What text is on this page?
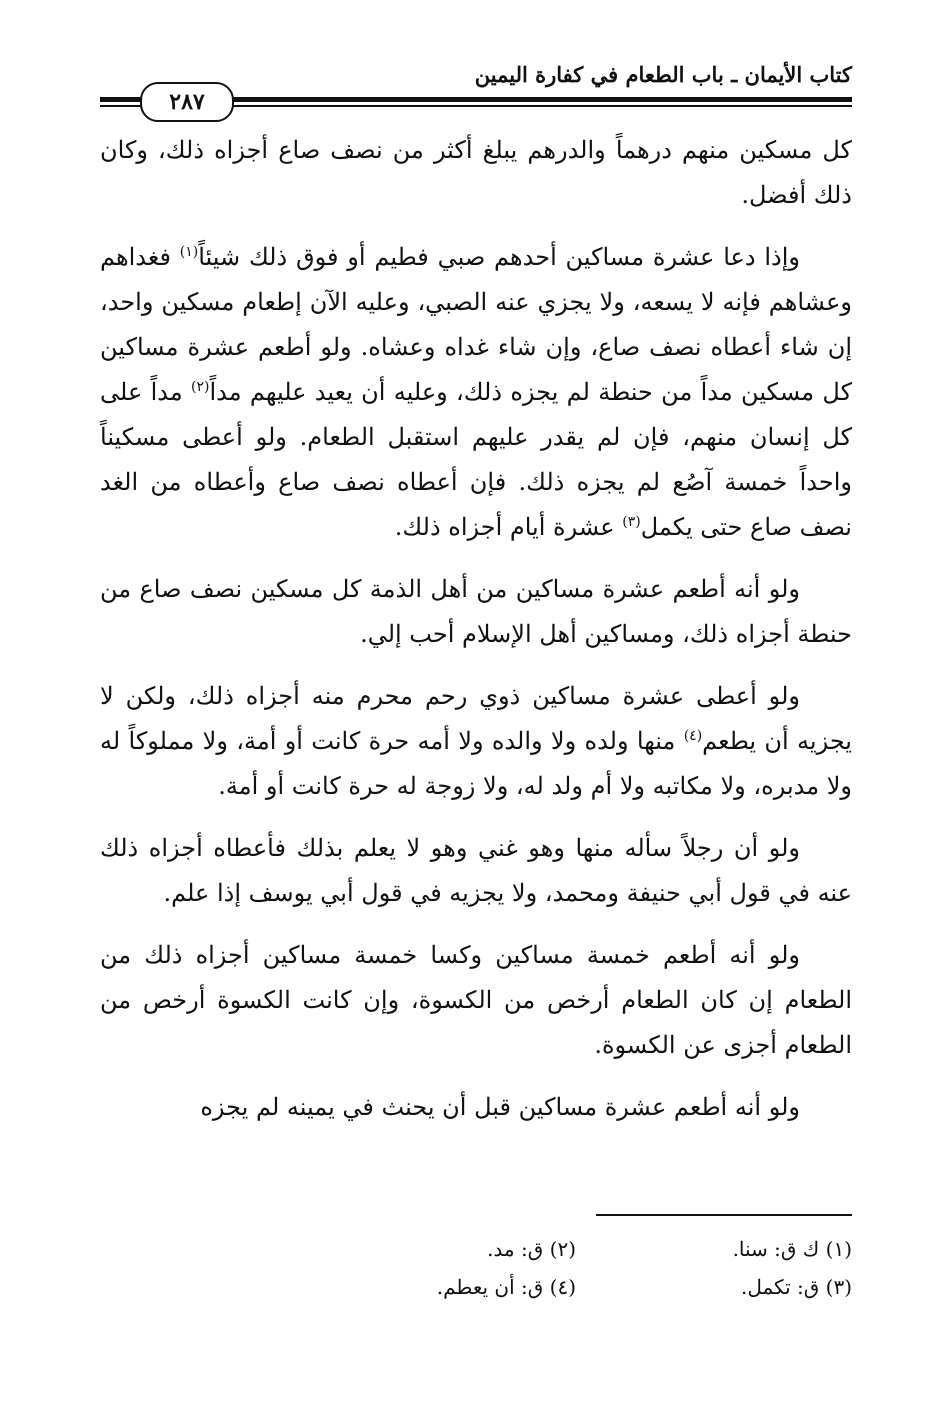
كتاب الأيمان ـ باب الطعام في كفارة اليمين
٢٨٧

كل مسكين منهم درهماً والدرهم يبلغ أكثر من نصف صاع أجزاه ذلك، وكان ذلك أفضل.

وإذا دعا عشرة مساكين أحدهم صبي فطيم أو فوق ذلك شيئاً$^{(١)}$ فغداهم وعشاهم فإنه لا يسعه، ولا يجزي عنه الصبي، وعليه الآن إطعام مسكين واحد، إن شاء أعطاه نصف صاع، وإن شاء غداه وعشاه. ولو أطعم عشرة مساكين كل مسكين مداً من حنطة لم يجزه ذلك، وعليه أن يعيد عليهم مداً$^{(٢)}$ مداً على كل إنسان منهم، فإن لم يقدر عليهم استقبل الطعام. ولو أعطى مسكيناً واحداً خمسة آصُع لم يجزه ذلك. فإن أعطاه نصف صاع وأعطاه من الغد نصف صاع حتى يكمل$^{(٣)}$ عشرة أيام أجزاه ذلك.

ولو أنه أطعم عشرة مساكين من أهل الذمة كل مسكين نصف صاع من حنطة أجزاه ذلك، ومساكين أهل الإسلام أحب إلي.

ولو أعطى عشرة مساكين ذوي رحم محرم منه أجزاه ذلك، ولكن لا يجزيه أن يطعم$^{(٤)}$ منها ولده ولا والده ولا أمه حرة كانت أو أمة، ولا مملوكاً له ولا مدبره، ولا مكاتبه ولا أم ولد له، ولا زوجة له حرة كانت أو أمة.

ولو أن رجلاً سأله منها وهو غني وهو لا يعلم بذلك فأعطاه أجزاه ذلك عنه في قول أبي حنيفة ومحمد، ولا يجزيه في قول أبي يوسف إذا علم.

ولو أنه أطعم خمسة مساكين وكسا خمسة مساكين أجزاه ذلك من الطعام إن كان الطعام أرخص من الكسوة، وإن كانت الكسوة أرخص من الطعام أجزى عن الكسوة.

ولو أنه أطعم عشرة مساكين قبل أن يحنث في يمينه لم يجزه

(١) ك ق: سنا.
(٢) ق: مد.
(٣) ق: تكمل.
(٤) ق: أن يعطم.
